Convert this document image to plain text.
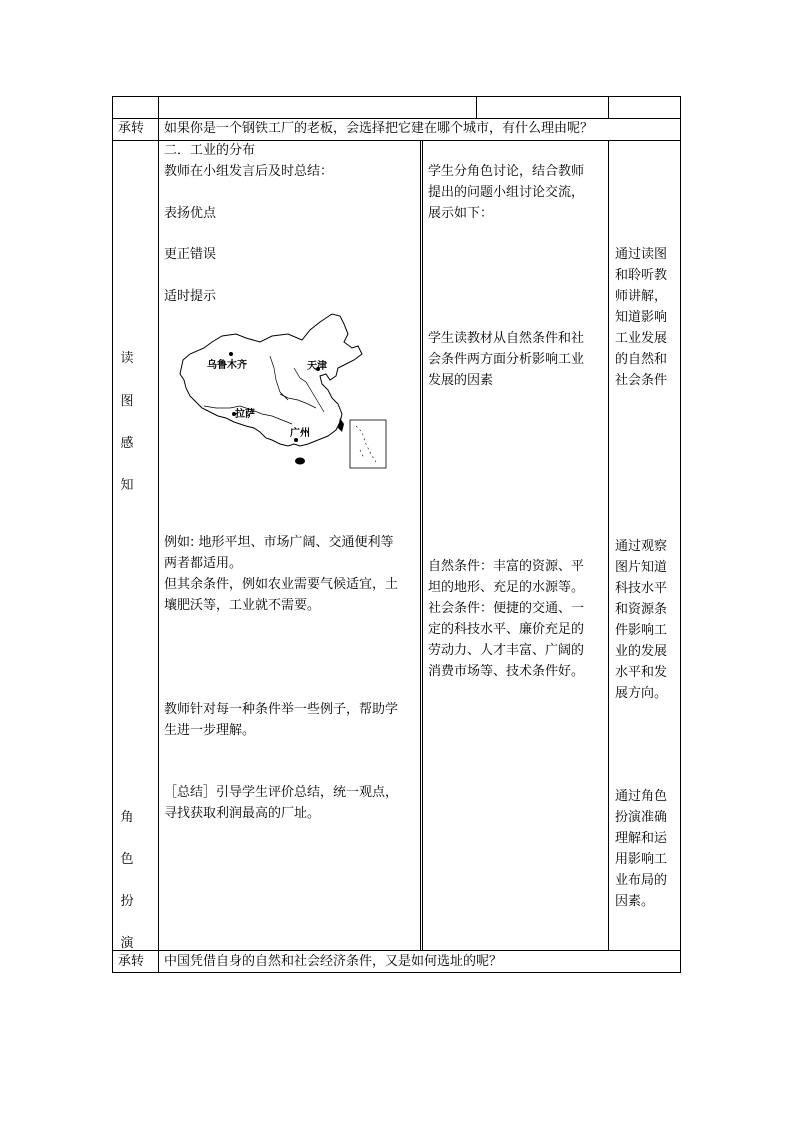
承转 如果你是一个钢铁工厂的老板，会选择把它建在哪个城市，有什么理由呢？
读
图
感
知
角
色
扮
演
二．工业的分布
教师在小组发言后及时总结：
表扬优点
更正错误
适时提示
例如: 地形平坦、市场广阔、交通便利等
两者都适用。
但其余条件，例如农业需要气候适宜，土
壤肥沃等，工业就不需要。
教师针对每一种条件举一些例子，帮助学
生进一步理解。
［总结］引导学生评价总结，统一观点，
寻找获取利润最高的厂址。
乌鲁木齐	天津
拉萨
广州
学生分角色讨论，结合教师
提出的问题小组讨论交流，
展示如下：
学生读教材从自然条件和社
会条件两方面分析影响工业
发展的因素
自然条件：丰富的资源、平
坦的地形、充足的水源等。
社会条件：便捷的交通、一
定的科技水平、廉价充足的
劳动力、人才丰富、广阔的
消费市场等、技术条件好。
通过读图
和聆听教
师讲解，
知道影响
工业发展
的自然和
社会条件
通过观察
图片知道
科技水平
和资源条
件影响工
业的发展
水平和发
展方向。
通过角色
扮演准确
理解和运
用影响工
业布局的
因素。
承转 中国凭借自身的自然和社会经济条件，又是如何选址的呢？
